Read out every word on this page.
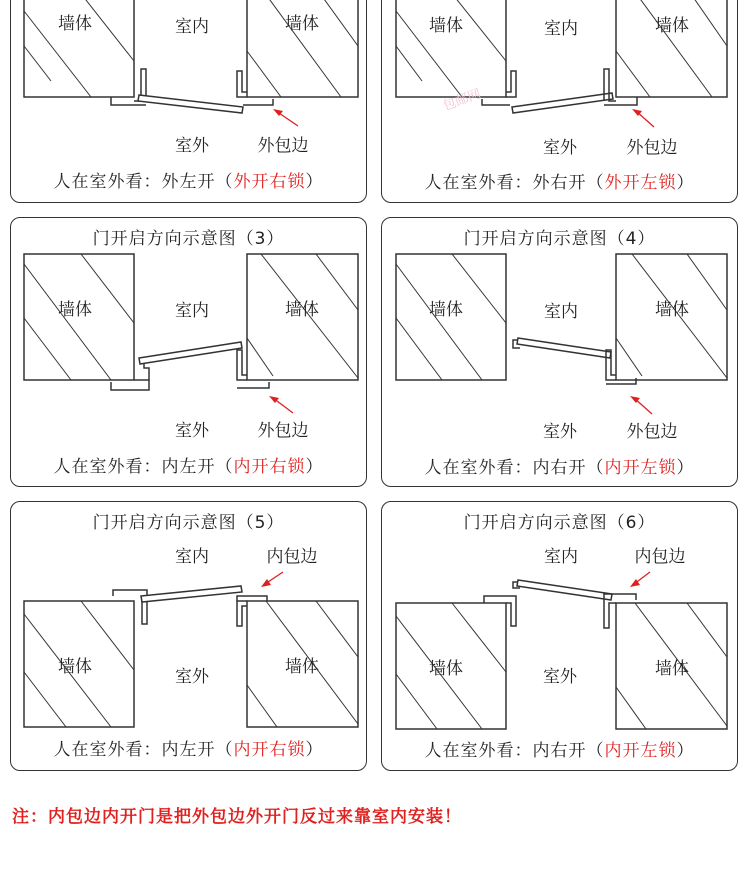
墙体	室内	墙体
室外	外包边
人在室外看：外左开（外开右锁）
包邮网
墙体	室内	墙体
室外	外包边
人在室外看：外右开（外开左锁）
门开启方向示意图（3）
墙体	室内	墙体
室外	外包边
人在室外看：内左开（内开右锁）
门开启方向示意图（4）
墙体	室内	墙体
室外	外包边
人在室外看：内右开（内开左锁）
门开启方向示意图（5）
室内	内包边
墙体	室外	墙体
人在室外看：内左开（内开右锁）
门开启方向示意图（6）
室内	内包边
墙体	室外	墙体
人在室外看：内右开（内开左锁）
注：内包边内开门是把外包边外开门反过来靠室内安装！
